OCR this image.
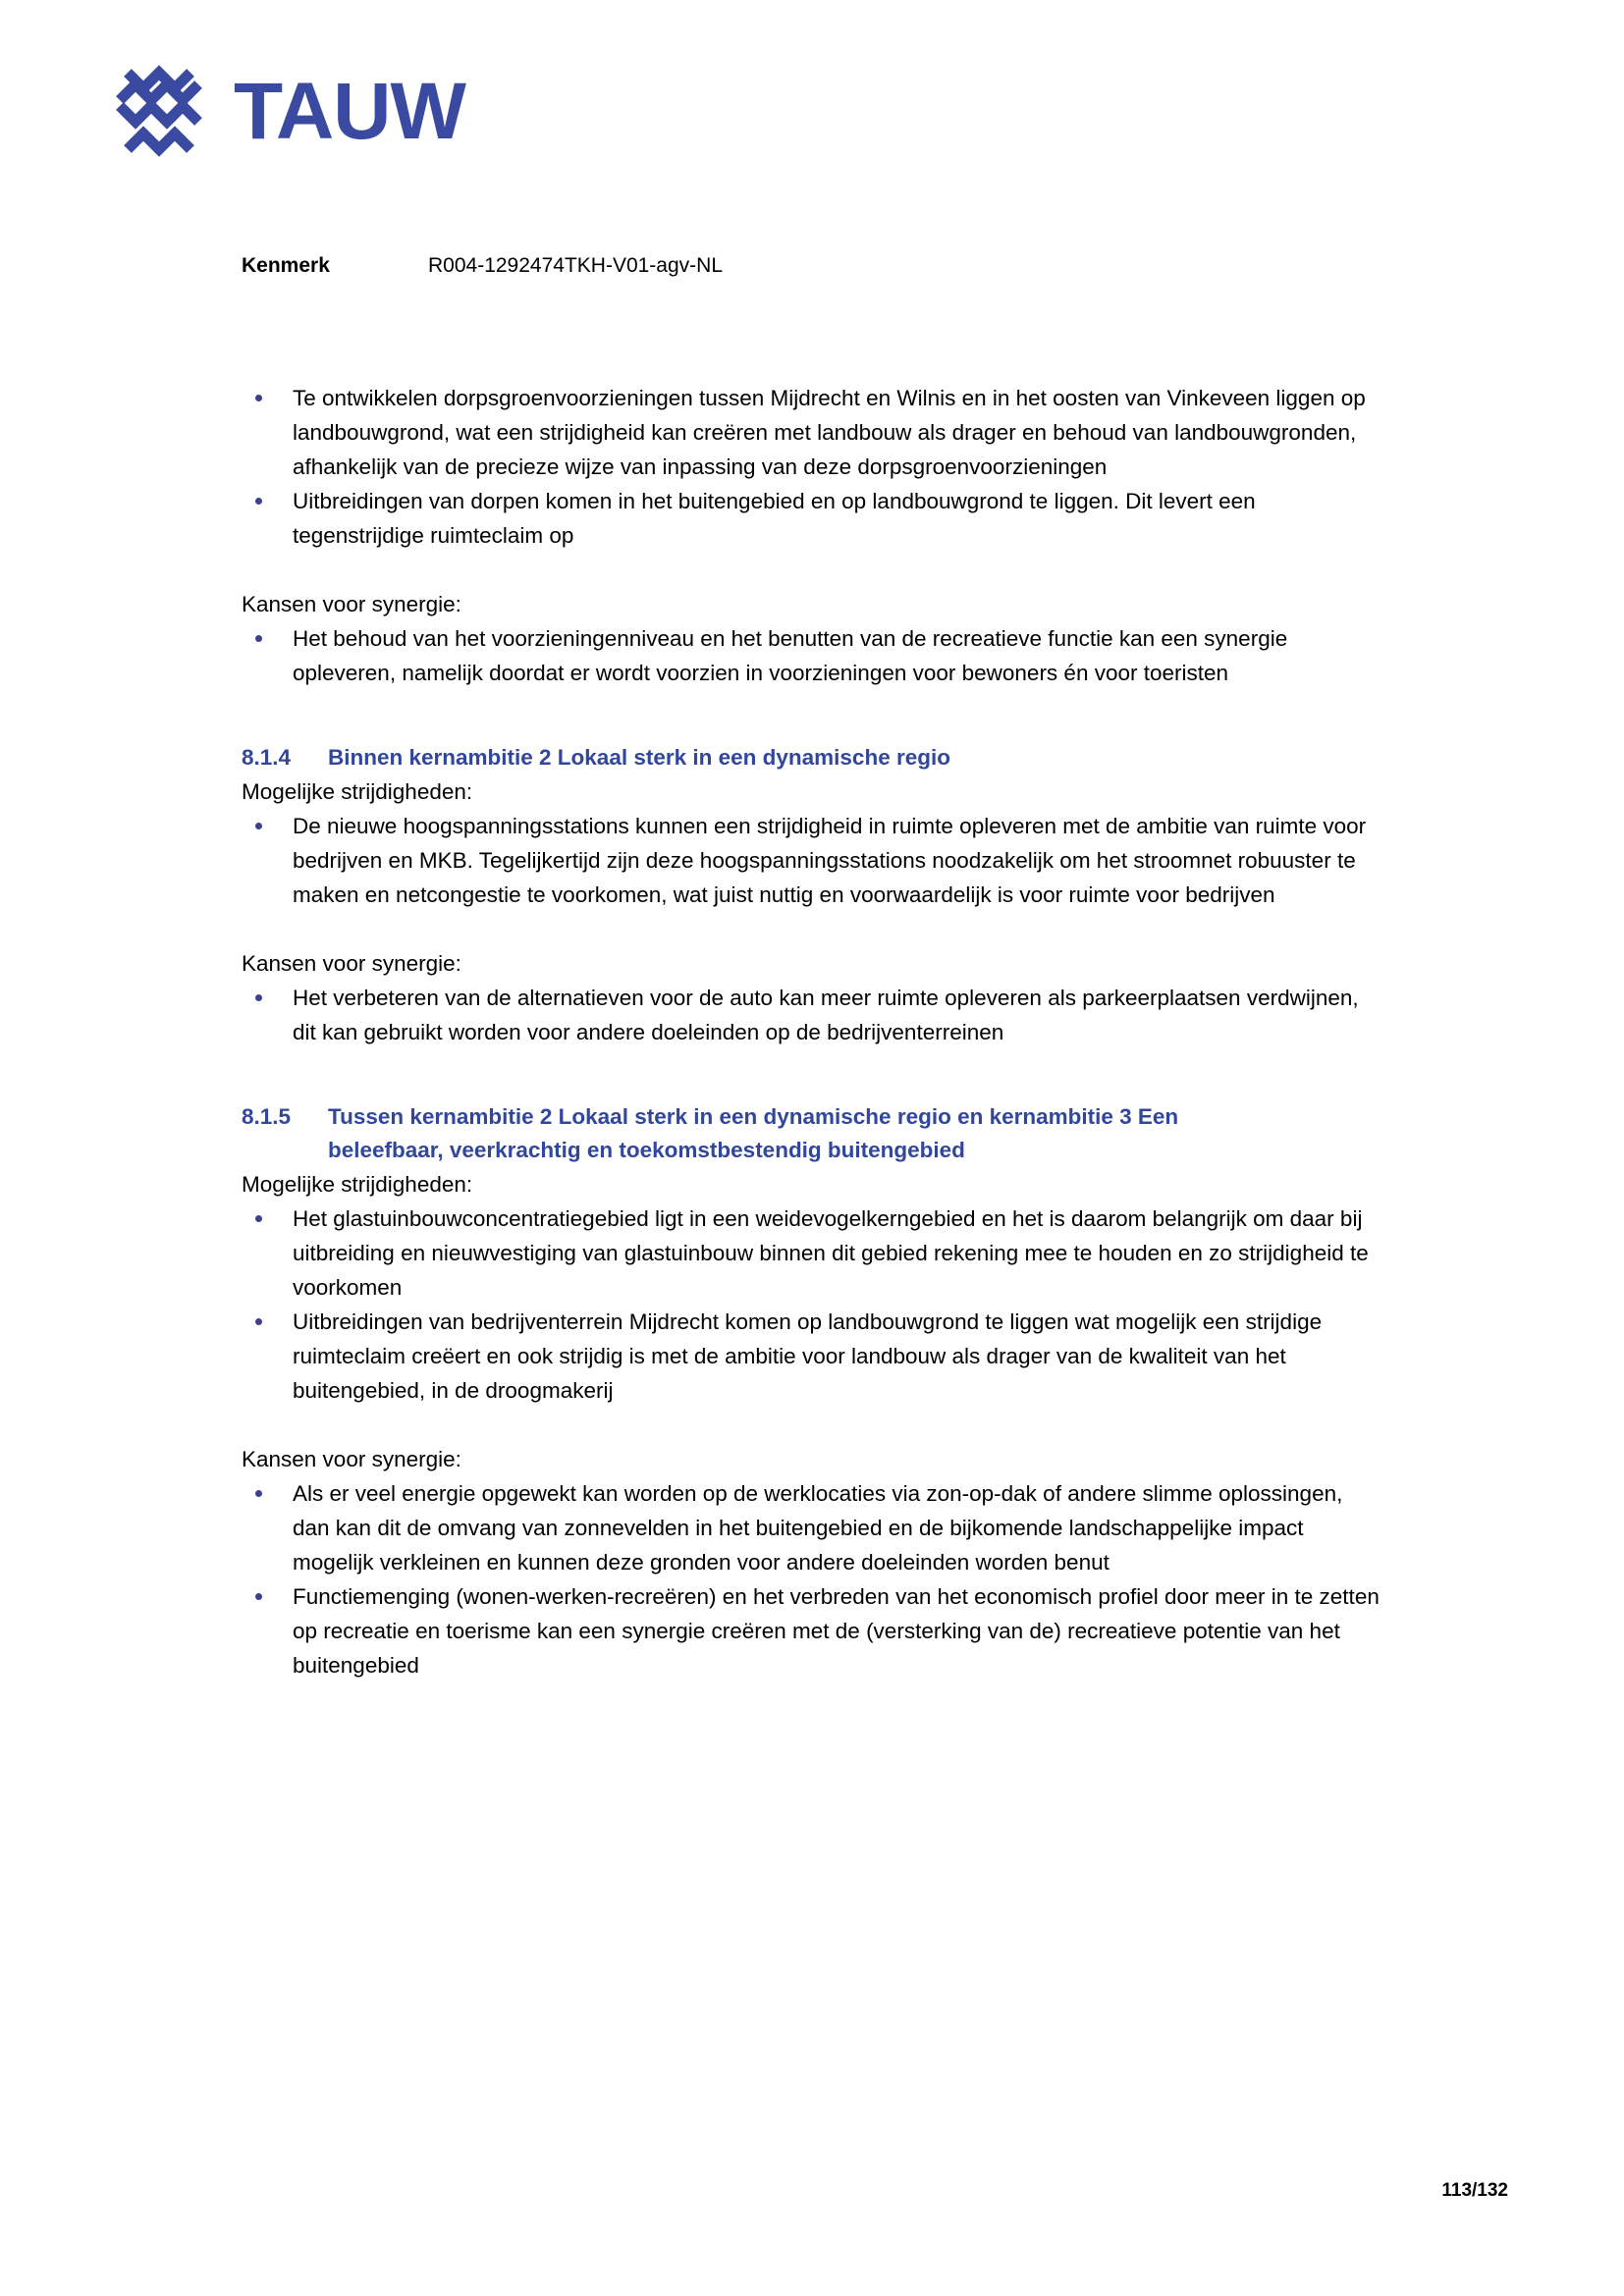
TAUW
Kenmerk	R004-1292474TKH-V01-agv-NL
Te ontwikkelen dorpsgroenvoorzieningen tussen Mijdrecht en Wilnis en in het oosten van Vinkeveen liggen op landbouwgrond, wat een strijdigheid kan creëren met landbouw als drager en behoud van landbouwgronden, afhankelijk van de precieze wijze van inpassing van deze dorpsgroenvoorzieningen
Uitbreidingen van dorpen komen in het buitengebied en op landbouwgrond te liggen. Dit levert een tegenstrijdige ruimteclaim op

Kansen voor synergie:

Het behoud van het voorzieningenniveau en het benutten van de recreatieve functie kan een synergie opleveren, namelijk doordat er wordt voorzien in voorzieningen voor bewoners én voor toeristen
8.1.4	Binnen kernambitie 2 Lokaal sterk in een dynamische regio

Mogelijke strijdigheden:

De nieuwe hoogspanningsstations kunnen een strijdigheid in ruimte opleveren met de ambitie van ruimte voor bedrijven en MKB. Tegelijkertijd zijn deze hoogspanningsstations noodzakelijk om het stroomnet robuuster te maken en netcongestie te voorkomen, wat juist nuttig en voorwaardelijk is voor ruimte voor bedrijven

Kansen voor synergie:

Het verbeteren van de alternatieven voor de auto kan meer ruimte opleveren als parkeerplaatsen verdwijnen, dit kan gebruikt worden voor andere doeleinden op de bedrijventerreinen
8.1.5	Tussen kernambitie 2 Lokaal sterk in een dynamische regio en kernambitie 3 Een
beleefbaar, veerkrachtig en toekomstbestendig buitengebied

Mogelijke strijdigheden:

Het glastuinbouwconcentratiegebied ligt in een weidevogelkerngebied en het is daarom belangrijk om daar bij uitbreiding en nieuwvestiging van glastuinbouw binnen dit gebied rekening mee te houden en zo strijdigheid te voorkomen
Uitbreidingen van bedrijventerrein Mijdrecht komen op landbouwgrond te liggen wat mogelijk een strijdige ruimteclaim creëert en ook strijdig is met de ambitie voor landbouw als drager van de kwaliteit van het buitengebied, in de droogmakerij

Kansen voor synergie:

Als er veel energie opgewekt kan worden op de werklocaties via zon-op-dak of andere slimme oplossingen, dan kan dit de omvang van zonnevelden in het buitengebied en de bijkomende landschappelijke impact mogelijk verkleinen en kunnen deze gronden voor andere doeleinden worden benut
Functiemenging (wonen-werken-recreëren) en het verbreden van het economisch profiel door meer in te zetten op recreatie en toerisme kan een synergie creëren met de (versterking van de) recreatieve potentie van het buitengebied
113/132
